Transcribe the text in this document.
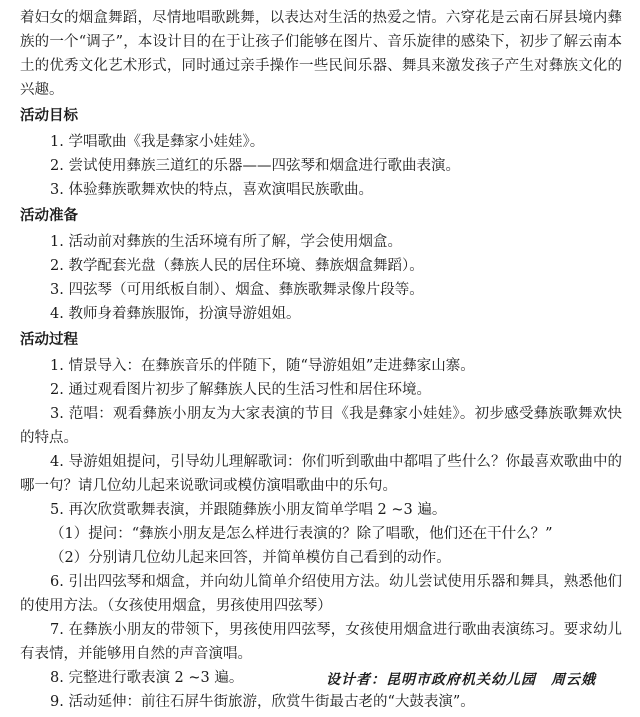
着妇女的烟盒舞蹈，尽情地唱歌跳舞，以表达对生活的热爱之情。六穿花是云南石屏县境内彝族的一个“调子”，本设计目的在于让孩子们能够在图片、音乐旋律的感染下，初步了解云南本土的优秀文化艺术形式，同时通过亲手操作一些民间乐器、舞具来激发孩子产生对彝族文化的兴趣。

活动目标

1. 学唱歌曲《我是彝家小娃娃》。

2. 尝试使用彝族三道红的乐器——四弦琴和烟盒进行歌曲表演。

3. 体验彝族歌舞欢快的特点，喜欢演唱民族歌曲。

活动准备

1. 活动前对彝族的生活环境有所了解，学会使用烟盒。

2. 教学配套光盘（彝族人民的居住环境、彝族烟盒舞蹈）。

3. 四弦琴（可用纸板自制）、烟盒、彝族歌舞录像片段等。

4. 教师身着彝族服饰，扮演导游姐姐。

活动过程

1. 情景导入：在彝族音乐的伴随下，随“导游姐姐”走进彝家山寨。

2. 通过观看图片初步了解彝族人民的生活习性和居住环境。

3. 范唱：观看彝族小朋友为大家表演的节目《我是彝家小娃娃》。初步感受彝族歌舞欢快的特点。

4. 导游姐姐提问，引导幼儿理解歌词：你们听到歌曲中都唱了些什么？你最喜欢歌曲中的哪一句？请几位幼儿起来说歌词或模仿演唱歌曲中的乐句。

5. 再次欣赏歌舞表演，并跟随彝族小朋友简单学唱 2 ~3 遍。

（1）提问：“彝族小朋友是怎么样进行表演的？除了唱歌，他们还在干什么？”

（2）分别请几位幼儿起来回答，并简单模仿自己看到的动作。

6. 引出四弦琴和烟盒，并向幼儿简单介绍使用方法。幼儿尝试使用乐器和舞具，熟悉他们的使用方法。（女孩使用烟盒，男孩使用四弦琴）

7. 在彝族小朋友的带领下，男孩使用四弦琴，女孩使用烟盒进行歌曲表演练习。要求幼儿有表情，并能够用自然的声音演唱。

8. 完整进行歌表演 2 ~3 遍。

9. 活动延伸：前往石屏牛街旅游，欣赏牛街最古老的“大鼓表演”。

设计者：昆明市政府机关幼儿园　周云娥
